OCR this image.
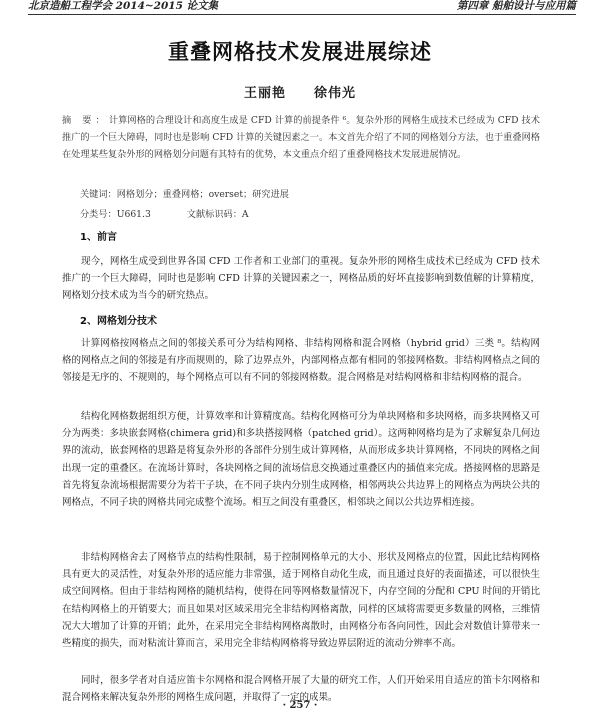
北京造船工程学会 2014~2015 论文集	第四章 船舶设计与应用篇
重叠网格技术发展进展综述
王丽艳 徐伟光
摘 要：计算网格的合理设计和高度生成是 CFD 计算的前提条件 ⁶。复杂外形的网格生成技术已经成为 CFD 技术推广的一个巨大障碍，同时也是影响 CFD 计算的关键因素之一。本文首先介绍了不同的网格划分方法，也于重叠网格在处理某些复杂外形的网格划分问题有其特有的优势，本文重点介绍了重叠网格技术发展进展情况。
关键词：网格划分；重叠网格；overset；研究进展
分类号：U661.3	文献标识码：A
1、前言
现今，网格生成受到世界各国 CFD 工作者和工业部门的重视。复杂外形的网格生成技术已经成为 CFD 技术推广的一个巨大障碍，同时也是影响 CFD 计算的关键因素之一，网格品质的好坏直接影响到数值解的计算精度，网格划分技术成为当今的研究热点。
2、网格划分技术
计算网格按网格点之间的邻接关系可分为结构网格、非结构网格和混合网格（hybrid grid）三类 ⁸。结构网格的网格点之间的邻接是有序而规则的，除了边界点外，内部网格点都有相同的邻接网格数。非结构网格点之间的邻接是无序的、不规则的，每个网格点可以有不同的邻接网格数。混合网格是对结构网格和非结构网格的混合。
结构化网格数据组织方便，计算效率和计算精度高。结构化网格可分为单块网格和多块网格，而多块网格又可分为两类：多块嵌套网格(chimera grid)和多块搭接网格（patched grid）。这两种网格均是为了求解复杂几何边界的流动，嵌套网格的思路是将复杂外形的各部件分别生成计算网格，从而形成多块计算网格，不同块的网格之间出现一定的重叠区。在流场计算时，各块网格之间的流场信息交换通过重叠区内的插值来完成。搭接网格的思路是首先将复杂流场根据需要分为若干子块，在不同子块内分别生成网格，相邻两块公共边界上的网格点为两块公共的网格点，不同子块的网格共同完成整个流场。相互之间没有重叠区，相邻块之间以公共边界相连接。
非结构网格舍去了网格节点的结构性限制，易于控制网格单元的大小、形状及网格点的位置，因此比结构网格具有更大的灵活性，对复杂外形的适应能力非常强，适于网格自动化生成，而且通过良好的表面描述，可以很快生成空间网格。但由于非结构网格的随机结构，使得在同等网格数量情况下，内存空间的分配和 CPU 时间的开销比在结构网格上的开销要大；而且如果对区域采用完全非结构网格离散，同样的区域将需要更多数量的网格，三维情况大大增加了计算的开销；此外，在采用完全非结构网格离散时，由网格分布各向同性，因此会对数值计算带来一些精度的损失，而对粘流计算而言，采用完全非结构网格将导致边界层附近的流动分辨率不高。
同时，很多学者对自适应笛卡尔网格和混合网格开展了大量的研究工作，人们开始采用自适应的笛卡尔网格和混合网格来解决复杂外形的网格生成问题，并取得了一定的成果。
· 257 ·
